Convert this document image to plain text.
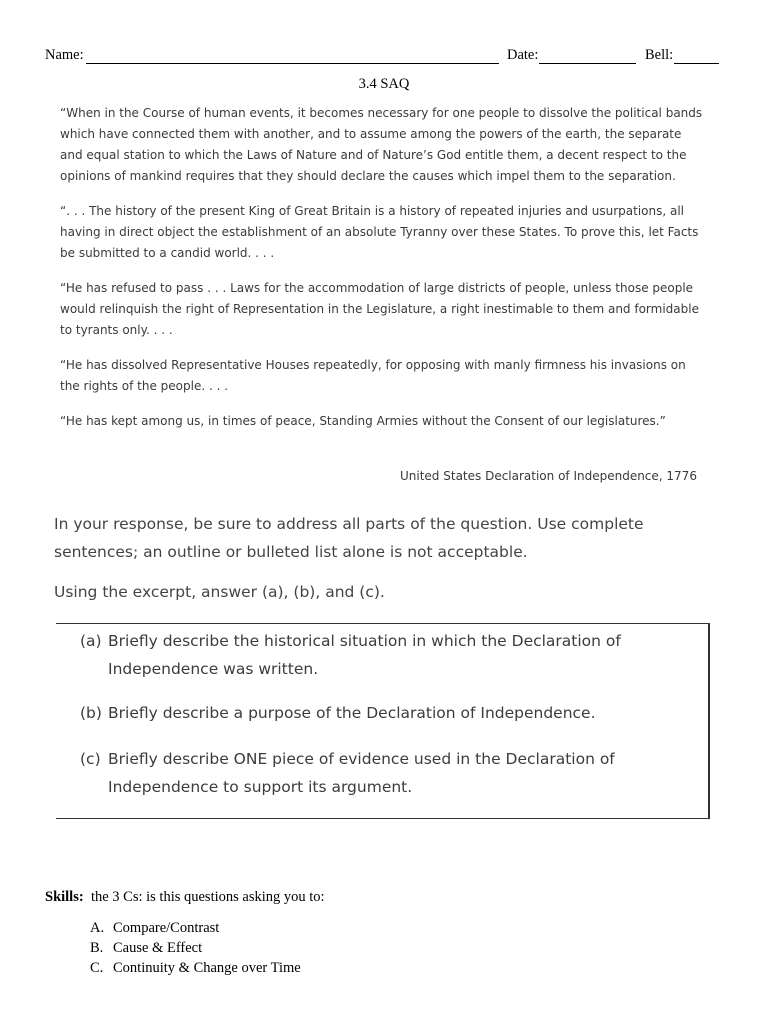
Name:	Date:	Bell:
3.4 SAQ

“When in the Course of human events, it becomes necessary for one people to dissolve the political bands which have connected them with another, and to assume among the powers of the earth, the separate and equal station to which the Laws of Nature and of Nature’s God entitle them, a decent respect to the opinions of mankind requires that they should declare the causes which impel them to the separation.

“. . . The history of the present King of Great Britain is a history of repeated injuries and usurpations, all having in direct object the establishment of an absolute Tyranny over these States. To prove this, let Facts be submitted to a candid world. . . .

“He has refused to pass . . . Laws for the accommodation of large districts of people, unless those people would relinquish the right of Representation in the Legislature, a right inestimable to them and formidable to tyrants only. . . .

“He has dissolved Representative Houses repeatedly, for opposing with manly firmness his invasions on the rights of the people. . . .

“He has kept among us, in times of peace, Standing Armies without the Consent of our legislatures.”

United States Declaration of Independence, 1776
In your response, be sure to address all parts of the question. Use complete sentences; an outline or bulleted list alone is not acceptable.
Using the excerpt, answer (a), (b), and (c).
(a) Briefly describe the historical situation in which the Declaration of Independence was written.
(b) Briefly describe a purpose of the Declaration of Independence.
(c) Briefly describe ONE piece of evidence used in the Declaration of Independence to support its argument.
Skills: the 3 Cs: is this questions asking you to:
A. Compare/Contrast
B. Cause & Effect
C. Continuity & Change over Time
